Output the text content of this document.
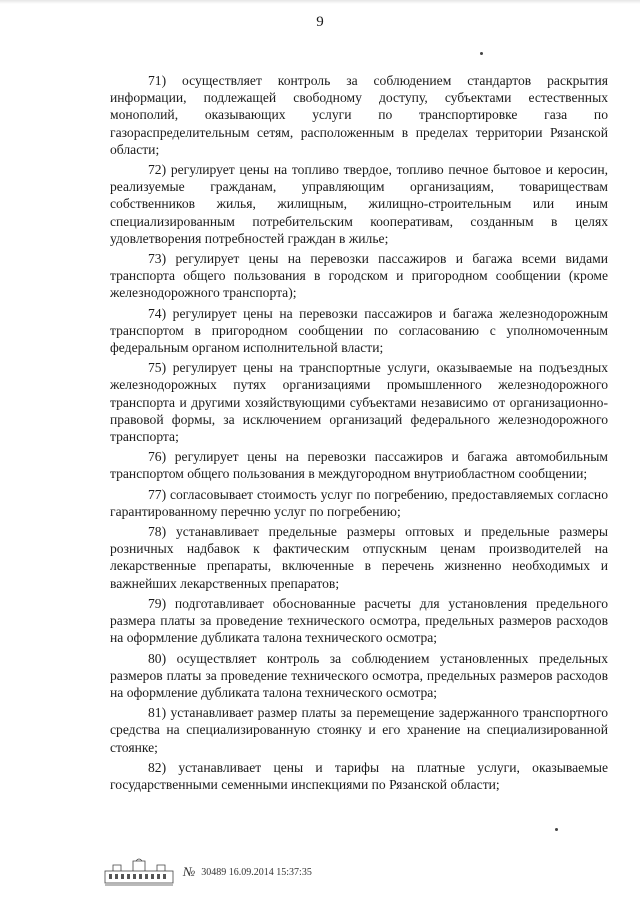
9

71) осуществляет контроль за соблюдением стандартов раскрытия информации, подлежащей свободному доступу, субъектами естественных монополий, оказывающих услуги по транспортировке газа по газораспределительным сетям, расположенным в пределах территории Рязанской области;

72) регулирует цены на топливо твердое, топливо печное бытовое и керосин, реализуемые гражданам, управляющим организациям, товариществам собственников жилья, жилищным, жилищно-строительным или иным специализированным потребительским кооперативам, созданным в целях удовлетворения потребностей граждан в жилье;

73) регулирует цены на перевозки пассажиров и багажа всеми видами транспорта общего пользования в городском и пригородном сообщении (кроме железнодорожного транспорта);

74) регулирует цены на перевозки пассажиров и багажа железнодорожным транспортом в пригородном сообщении по согласованию с уполномоченным федеральным органом исполнительной власти;

75) регулирует цены на транспортные услуги, оказываемые на подъездных железнодорожных путях организациями промышленного железнодорожного транспорта и другими хозяйствующими субъектами независимо от организационно-правовой формы, за исключением организаций федерального железнодорожного транспорта;

76) регулирует цены на перевозки пассажиров и багажа автомобильным транспортом общего пользования в междугородном внутриобластном сообщении;

77) согласовывает стоимость услуг по погребению, предоставляемых согласно гарантированному перечню услуг по погребению;

78) устанавливает предельные размеры оптовых и предельные размеры розничных надбавок к фактическим отпускным ценам производителей на лекарственные препараты, включенные в перечень жизненно необходимых и важнейших лекарственных препаратов;

79) подготавливает обоснованные расчеты для установления предельного размера платы за проведение технического осмотра, предельных размеров расходов на оформление дубликата талона технического осмотра;

80) осуществляет контроль за соблюдением установленных предельных размеров платы за проведение технического осмотра, предельных размеров расходов на оформление дубликата талона технического осмотра;

81) устанавливает размер платы за перемещение задержанного транспортного средства на специализированную стоянку и его хранение на специализированной стоянке;

82) устанавливает цены и тарифы на платные услуги, оказываемые государственными семенными инспекциями по Рязанской области;

№ 30489 16.09.2014 15:37:35
